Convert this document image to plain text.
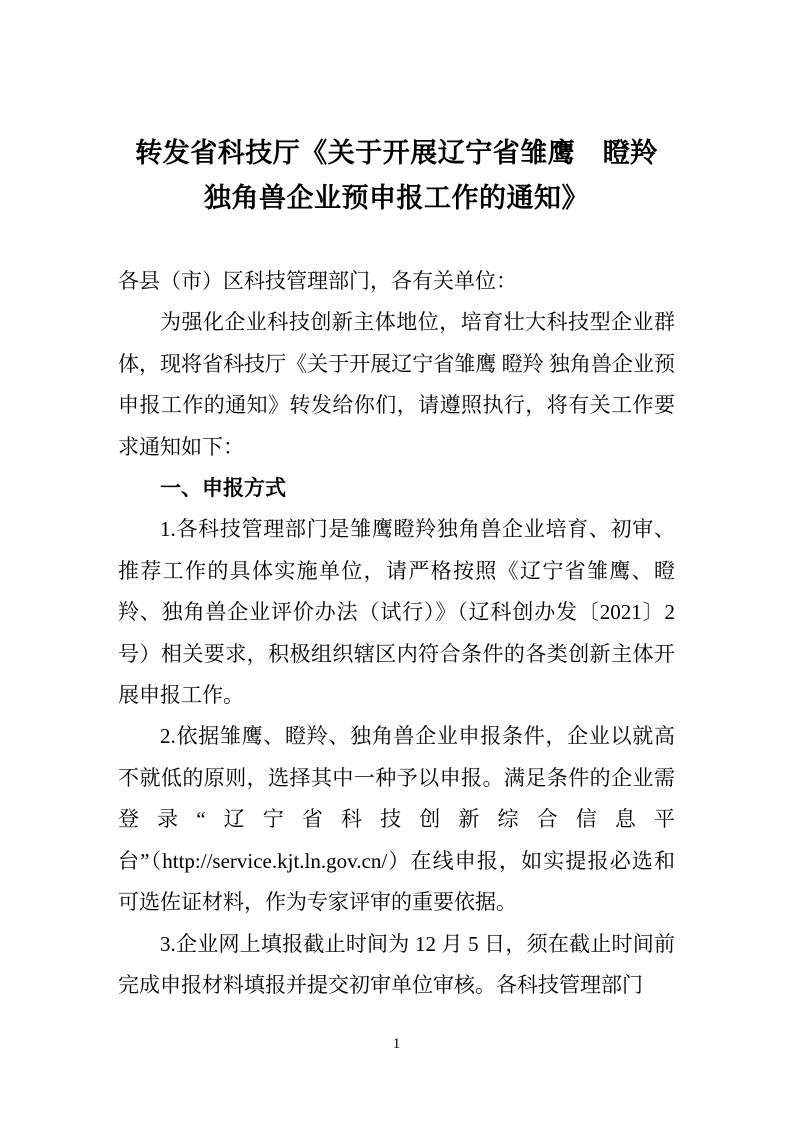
转发省科技厅《关于开展辽宁省雏鹰　瞪羚
独角兽企业预申报工作的通知》

各县（市）区科技管理部门，各有关单位：

为强化企业科技创新主体地位，培育壮大科技型企业群体，现将省科技厅《关于开展辽宁省雏鹰 瞪羚 独角兽企业预申报工作的通知》转发给你们，请遵照执行，将有关工作要求通知如下：

一、申报方式

1.各科技管理部门是雏鹰瞪羚独角兽企业培育、初审、推荐工作的具体实施单位，请严格按照《辽宁省雏鹰、瞪羚、独角兽企业评价办法（试行）》（辽科创办发〔2021〕2 号）相关要求，积极组织辖区内符合条件的各类创新主体开展申报工作。

2.依据雏鹰、瞪羚、独角兽企业申报条件，企业以就高不就低的原则，选择其中一种予以申报。满足条件的企业需登录“辽宁省科技创新综合信息平台”（http://service.kjt.ln.gov.cn/）在线申报，如实提报必选和可选佐证材料，作为专家评审的重要依据。

3.企业网上填报截止时间为 12 月 5 日，须在截止时间前完成申报材料填报并提交初审单位审核。各科技管理部门

1
